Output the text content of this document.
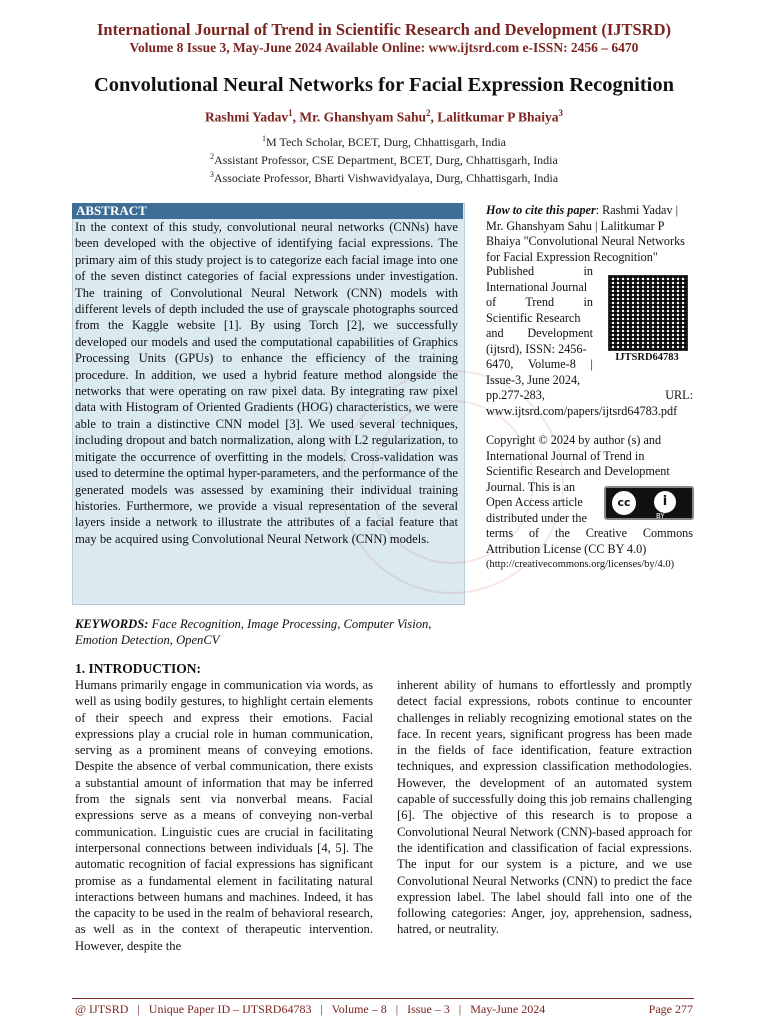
International Journal of Trend in Scientific Research and Development (IJTSRD)
Volume 8 Issue 3, May-June 2024 Available Online: www.ijtsrd.com e-ISSN: 2456 – 6470
Convolutional Neural Networks for Facial Expression Recognition
Rashmi Yadav$^1$, Mr. Ghanshyam Sahu$^2$, Lalitkumar P Bhaiya$^3$
$^1$M Tech Scholar, BCET, Durg, Chhattisgarh, India
$^2$Assistant Professor, CSE Department, BCET, Durg, Chhattisgarh, India
$^3$Associate Professor, Bharti Vishwavidyalaya, Durg, Chhattisgarh, India
ABSTRACT
In the context of this study, convolutional neural networks (CNNs) have been developed with the objective of identifying facial expressions. The primary aim of this study project is to categorize each facial image into one of the seven distinct categories of facial expressions under investigation. The training of Convolutional Neural Network (CNN) models with different levels of depth included the use of grayscale photographs sourced from the Kaggle website [1]. By using Torch [2], we successfully developed our models and used the computational capabilities of Graphics Processing Units (GPUs) to enhance the efficiency of the training procedure. In addition, we used a hybrid feature method alongside the networks that were operating on raw pixel data. By integrating raw pixel data with Histogram of Oriented Gradients (HOG) characteristics, we were able to train a distinctive CNN model [3]. We used several techniques, including dropout and batch normalization, along with L2 regularization, to mitigate the occurrence of overfitting in the models. Cross-validation was used to determine the optimal hyper-parameters, and the performance of the generated models was assessed by examining their individual training histories. Furthermore, we provide a visual representation of the several layers inside a network to illustrate the attributes of a facial feature that may be acquired using Convolutional Neural Network (CNN) models.
KEYWORDS: Face Recognition, Image Processing, Computer Vision, Emotion Detection, OpenCV
How to cite this paper: Rashmi Yadav | Mr. Ghanshyam Sahu | Lalitkumar P Bhaiya "Convolutional Neural Networks for Facial Expression Recognition"
Published in
International Journal
of Trend in
Scientific Research
and Development
(ijtsrd), ISSN: 2456-
6470, Volume-8 |
Issue-3, June 2024,
pp.277-283,	URL:
www.ijtsrd.com/papers/ijtsrd64783.pdf
IJTSRD64783
Copyright © 2024 by author (s) and International Journal of Trend in Scientific Research and Development
Journal. This is an
Open Access article
distributed under the
terms of the Creative Commons Attribution License (CC BY 4.0)
(http://creativecommons.org/licenses/by/4.0)
cc	i
BY
1. INTRODUCTION:
Humans primarily engage in communication via words, as well as using bodily gestures, to highlight certain elements of their speech and express their emotions. Facial expressions play a crucial role in human communication, serving as a prominent means of conveying emotions. Despite the absence of verbal communication, there exists a substantial amount of information that may be inferred from the signals sent via nonverbal means. Facial expressions serve as a means of conveying non-verbal communication. Linguistic cues are crucial in facilitating interpersonal connections between individuals [4, 5]. The automatic recognition of facial expressions has significant promise as a fundamental element in facilitating natural interactions between humans and machines. Indeed, it has the capacity to be used in the realm of behavioral research, as well as in the context of therapeutic intervention. However, despite the
inherent ability of humans to effortlessly and promptly detect facial expressions, robots continue to encounter challenges in reliably recognizing emotional states on the face. In recent years, significant progress has been made in the fields of face identification, feature extraction techniques, and expression classification methodologies. However, the development of an automated system capable of successfully doing this job remains challenging [6]. The objective of this research is to propose a Convolutional Neural Network (CNN)-based approach for the identification and classification of facial expressions. The input for our system is a picture, and we use Convolutional Neural Networks (CNN) to predict the face expression label. The label should fall into one of the following categories: Anger, joy, apprehension, sadness, hatred, or neutrality.
@ IJTSRD   |   Unique Paper ID – IJTSRD64783   |   Volume – 8   |   Issue – 3   |   May-June 2024	Page 277
